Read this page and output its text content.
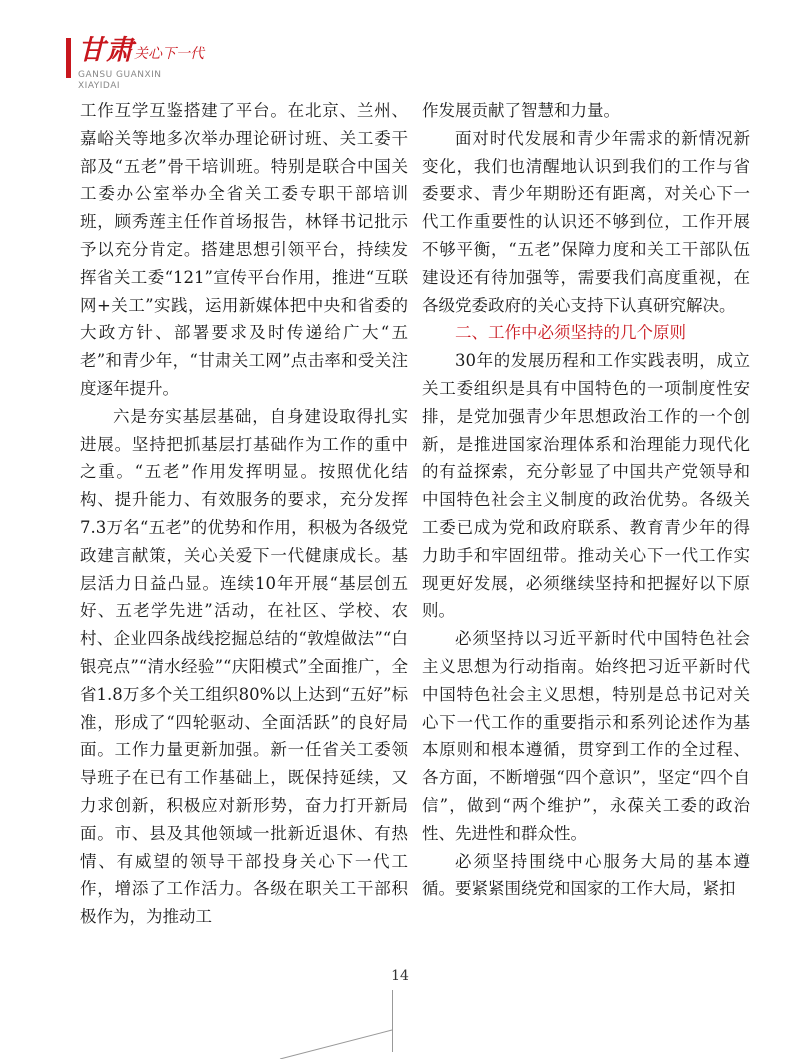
甘肃 关心下一代
GANSU GUANXIN
XIAYIDAI

工作互学互鉴搭建了平台。在北京、兰州、嘉峪关等地多次举办理论研讨班、关工委干部及“五老”骨干培训班。特别是联合中国关工委办公室举办全省关工委专职干部培训班，顾秀莲主任作首场报告，林铎书记批示予以充分肯定。搭建思想引领平台，持续发挥省关工委“121”宣传平台作用，推进“互联网+关工”实践，运用新媒体把中央和省委的大政方针、部署要求及时传递给广大“五老”和青少年，“甘肃关工网”点击率和受关注度逐年提升。

六是夯实基层基础，自身建设取得扎实进展。坚持把抓基层打基础作为工作的重中之重。“五老”作用发挥明显。按照优化结构、提升能力、有效服务的要求，充分发挥7.3万名“五老”的优势和作用，积极为各级党政建言献策，关心关爱下一代健康成长。基层活力日益凸显。连续10年开展“基层创五好、五老学先进”活动，在社区、学校、农村、企业四条战线挖掘总结的“敦煌做法”“白银亮点”“清水经验”“庆阳模式”全面推广，全省1.8万多个关工组织80%以上达到“五好”标准，形成了“四轮驱动、全面活跃”的良好局面。工作力量更新加强。新一任省关工委领导班子在已有工作基础上，既保持延续，又力求创新，积极应对新形势，奋力打开新局面。市、县及其他领域一批新近退休、有热情、有威望的领导干部投身关心下一代工作，增添了工作活力。各级在职关工干部积极作为，为推动工

作发展贡献了智慧和力量。

面对时代发展和青少年需求的新情况新变化，我们也清醒地认识到我们的工作与省委要求、青少年期盼还有距离，对关心下一代工作重要性的认识还不够到位，工作开展不够平衡，“五老”保障力度和关工干部队伍建设还有待加强等，需要我们高度重视，在各级党委政府的关心支持下认真研究解决。

二、工作中必须坚持的几个原则

30年的发展历程和工作实践表明，成立关工委组织是具有中国特色的一项制度性安排，是党加强青少年思想政治工作的一个创新，是推进国家治理体系和治理能力现代化的有益探索，充分彰显了中国共产党领导和中国特色社会主义制度的政治优势。各级关工委已成为党和政府联系、教育青少年的得力助手和牢固纽带。推动关心下一代工作实现更好发展，必须继续坚持和把握好以下原则。

必须坚持以习近平新时代中国特色社会主义思想为行动指南。始终把习近平新时代中国特色社会主义思想，特别是总书记对关心下一代工作的重要指示和系列论述作为基本原则和根本遵循，贯穿到工作的全过程、各方面，不断增强“四个意识”，坚定“四个自信”，做到“两个维护”，永葆关工委的政治性、先进性和群众性。

必须坚持围绕中心服务大局的基本遵循。要紧紧围绕党和国家的工作大局，紧扣

14
